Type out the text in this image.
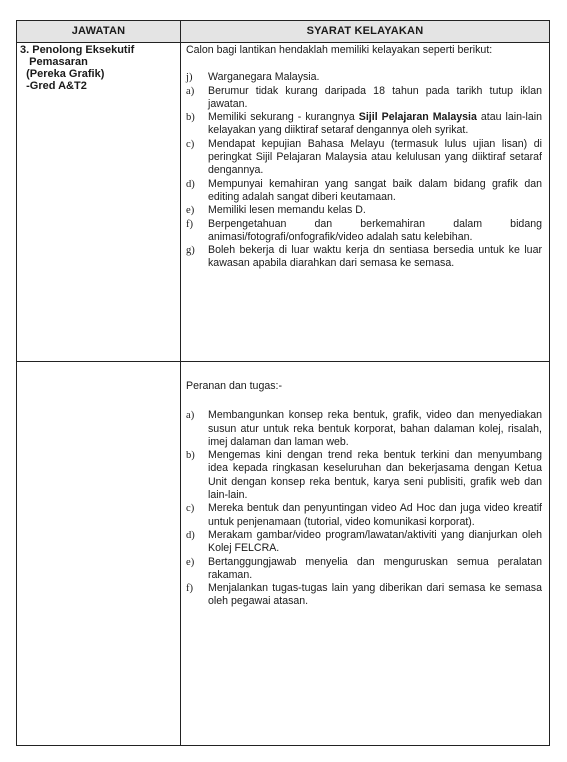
JAWATAN	SYARAT KELAYAKAN
3. Penolong Eksekutif
Pemasaran
(Pereka Grafik)
-Gred A&T2

Calon bagi lantikan hendaklah memiliki kelayakan seperti berikut:

j) Warganegara Malaysia.
a) Berumur tidak kurang daripada 18 tahun pada tarikh tutup iklan jawatan.
b) Memiliki sekurang - kurangnya Sijil Pelajaran Malaysia atau lain-lain kelayakan yang diiktiraf setaraf dengannya oleh syrikat.
c) Mendapat kepujian Bahasa Melayu (termasuk lulus ujian lisan) di peringkat Sijil Pelajaran Malaysia atau kelulusan yang diiktiraf setaraf dengannya.
d) Mempunyai kemahiran yang sangat baik dalam bidang grafik dan editing adalah sangat diberi keutamaan.
e) Memiliki lesen memandu kelas D.
f) Berpengetahuan dan berkemahiran dalam bidang animasi/fotografi/onfografik/video adalah satu kelebihan.
g) Boleh bekerja di luar waktu kerja dn sentiasa bersedia untuk ke luar kawasan apabila diarahkan dari semasa ke semasa.

Peranan dan tugas:-

a) Membangunkan konsep reka bentuk, grafik, video dan menyediakan susun atur untuk reka bentuk korporat, bahan dalaman kolej, risalah, imej dalaman dan laman web.
b) Mengemas kini dengan trend reka bentuk terkini dan menyumbang idea kepada ringkasan keseluruhan dan bekerjasama dengan Ketua Unit dengan konsep reka bentuk, karya seni publisiti, grafik web dan lain-lain.
c) Mereka bentuk dan penyuntingan video Ad Hoc dan juga video kreatif untuk penjenamaan (tutorial, video komunikasi korporat).
d) Merakam gambar/video program/lawatan/aktiviti yang dianjurkan oleh Kolej FELCRA.
e) Bertanggungjawab menyelia dan menguruskan semua peralatan rakaman.
f) Menjalankan tugas-tugas lain yang diberikan dari semasa ke semasa oleh pegawai atasan.
